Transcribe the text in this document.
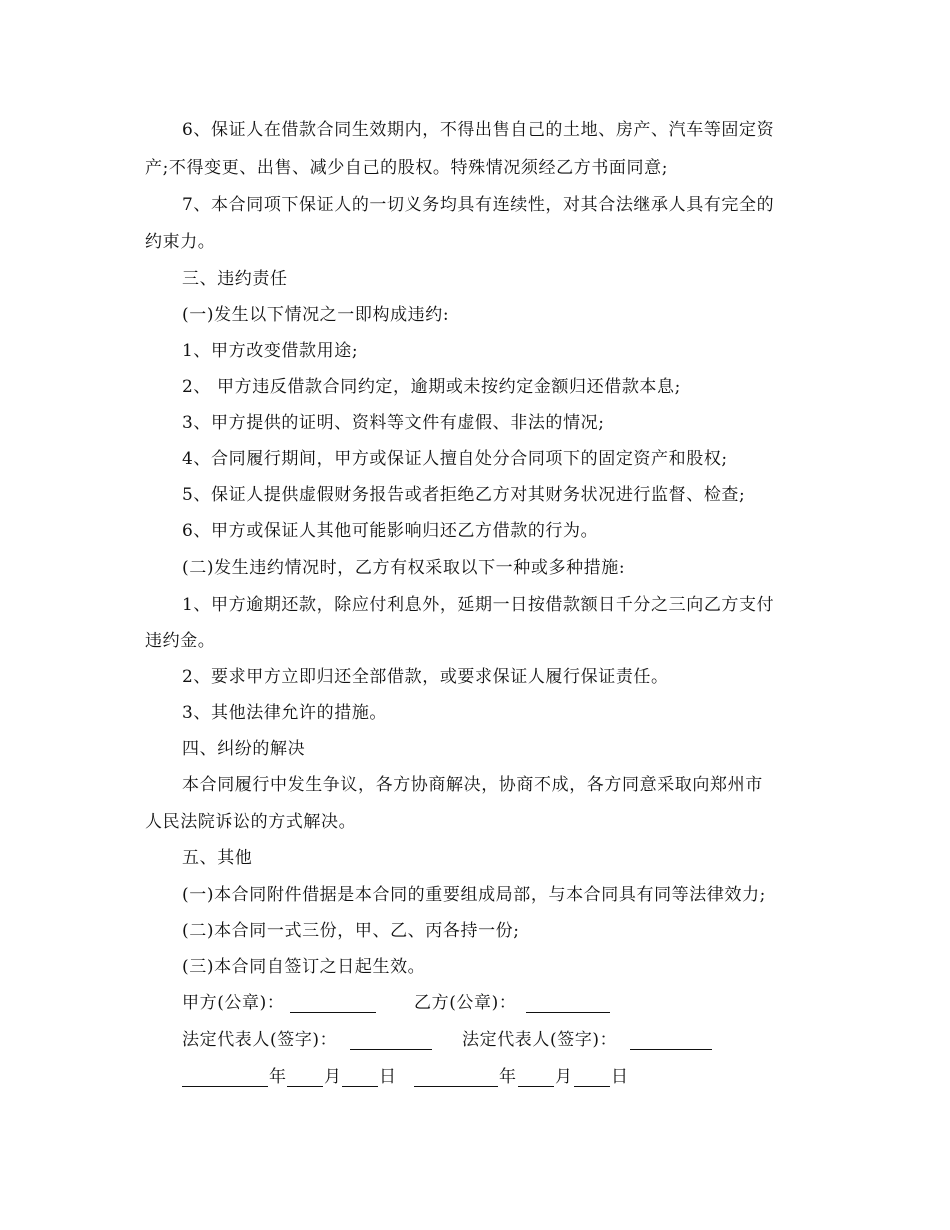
6、保证人在借款合同生效期内，不得出售自己的土地、房产、汽车等固定资
产;不得变更、出售、减少自己的股权。特殊情况须经乙方书面同意;
7、本合同项下保证人的一切义务均具有连续性，对其合法继承人具有完全的
约束力。
三、违约责任
(一)发生以下情况之一即构成违约:
1、甲方改变借款用途;
2、 甲方违反借款合同约定，逾期或未按约定金额归还借款本息;
3、甲方提供的证明、资料等文件有虚假、非法的情况;
4、合同履行期间，甲方或保证人擅自处分合同项下的固定资产和股权;
5、保证人提供虚假财务报告或者拒绝乙方对其财务状况进行监督、检查;
6、甲方或保证人其他可能影响归还乙方借款的行为。
(二)发生违约情况时，乙方有权采取以下一种或多种措施:
1、甲方逾期还款，除应付利息外，延期一日按借款额日千分之三向乙方支付
违约金。
2、要求甲方立即归还全部借款，或要求保证人履行保证责任。
3、其他法律允许的措施。
四、纠纷的解决
本合同履行中发生争议，各方协商解决，协商不成，各方同意采取向郑州市
人民法院诉讼的方式解决。
五、其他
(一)本合同附件借据是本合同的重要组成局部，与本合同具有同等法律效力;
(二)本合同一式三份，甲、乙、丙各持一份;
(三)本合同自签订之日起生效。
甲方(公章)：	乙方(公章)：
法定代表人(签字)：	法定代表人(签字)：
年 月 日	年 月 日
